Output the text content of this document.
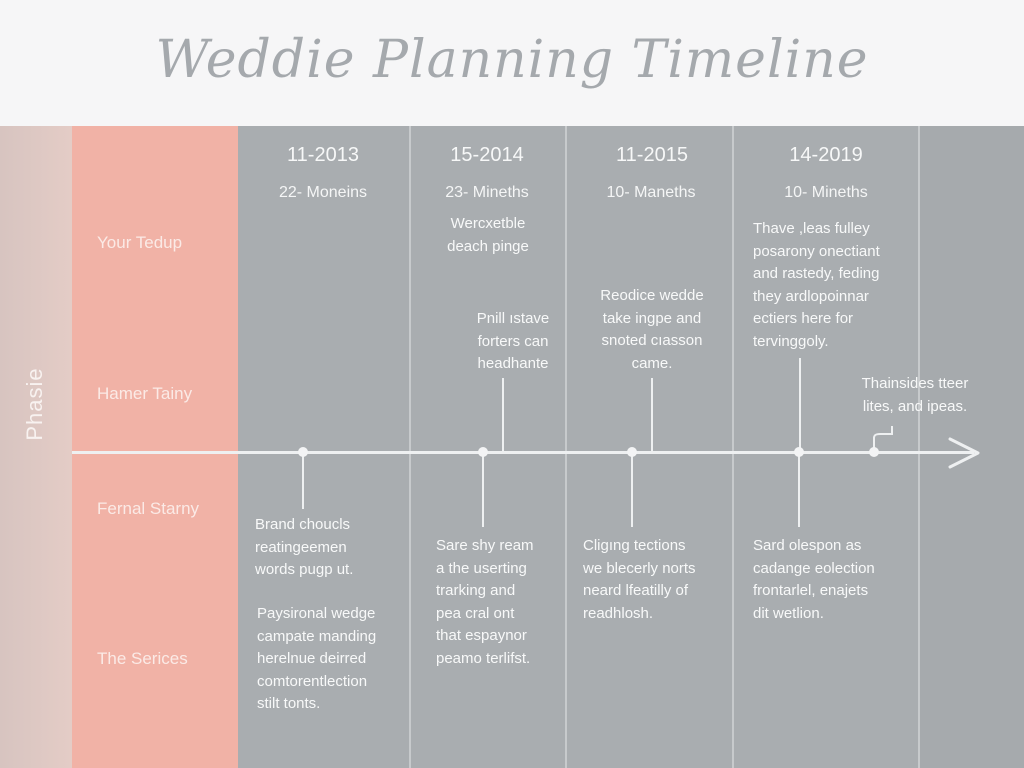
Weddie Planning Timeline
Phasie
Your Tedup
Hamer Tainy
Fernal Starny
The Serices
11-2013	15-2014	11-2015	14-2019
22- Moneins	23- Mineths	10- Maneths	10- Mineths
Wercxetble
deach pinge
Pnill ıstave
forters can
headhante
Reodice wedde
take ingpe and
snoted cıasson
came.
Thave ,leas fulley
posarony onectiant
and rastedy, feding
they ardlopoinnar
ectiers here for
tervinggoly.
Thainsides tteer
lites, and ipeas.
Brand choucls
reatingeemen
words pugp ut.
Paysironal wedge
campate manding
herelnue deirred
comtorentlection
stilt tonts.
Sare shy ream
a the userting
trarking and
pea cral ont
that espaynor
peamo terlifst.
Cligıng tections
we blecerly norts
neard lfeatilly of
readhlosh.
Sard olespon as
cadange eolection
frontarlel, enajets
dit wetlion.
